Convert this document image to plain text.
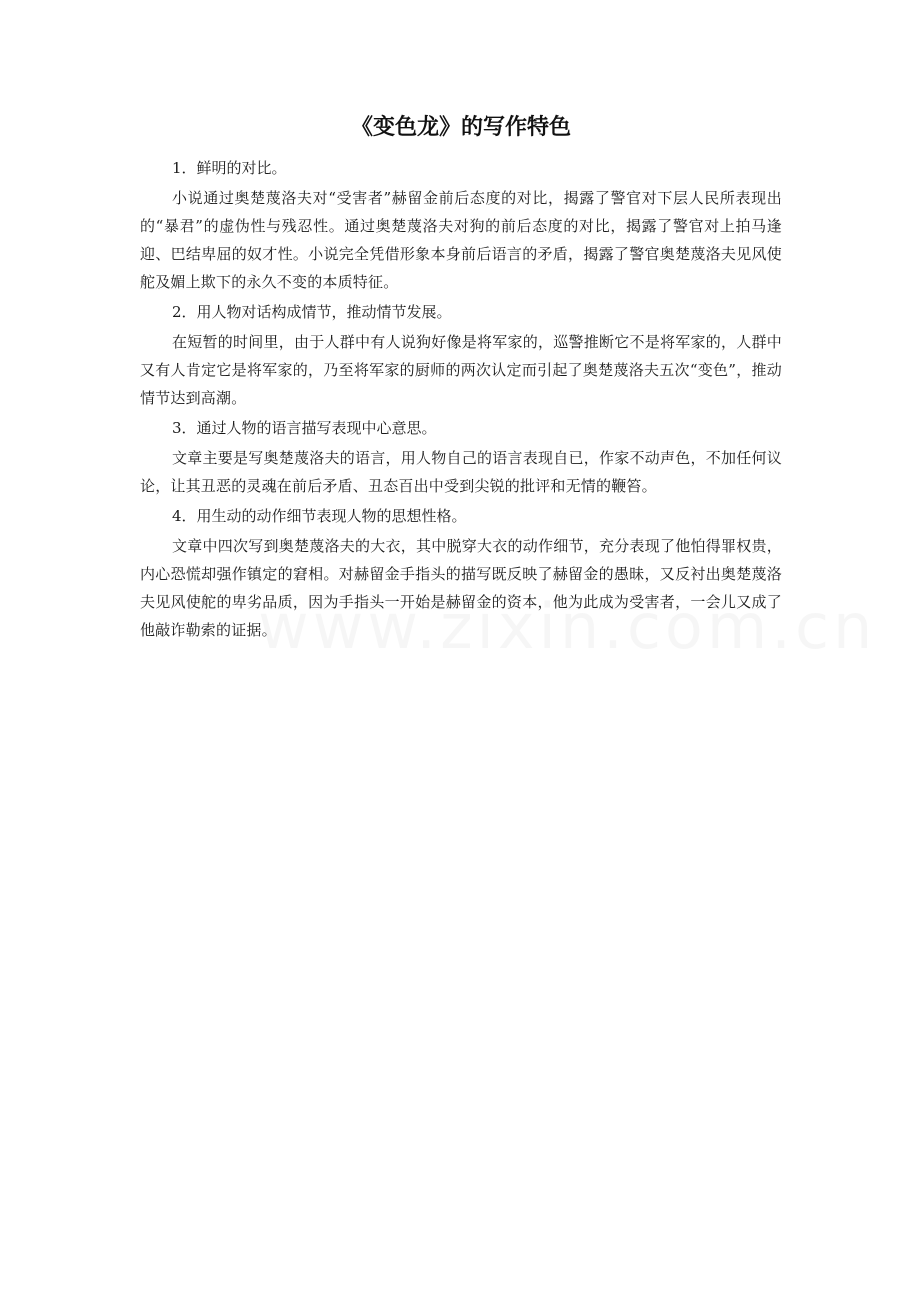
《变色龙》的写作特色

1．鲜明的对比。

小说通过奥楚蔑洛夫对“受害者”赫留金前后态度的对比，揭露了警官对下层人民所表现出的“暴君”的虚伪性与残忍性。通过奥楚蔑洛夫对狗的前后态度的对比，揭露了警官对上拍马逢迎、巴结卑屈的奴才性。小说完全凭借形象本身前后语言的矛盾，揭露了警官奥楚蔑洛夫见风使舵及媚上欺下的永久不变的本质特征。

2．用人物对话构成情节，推动情节发展。

在短暂的时间里，由于人群中有人说狗好像是将军家的，巡警推断它不是将军家的，人群中又有人肯定它是将军家的，乃至将军家的厨师的两次认定而引起了奥楚蔑洛夫五次“变色”，推动情节达到高潮。

3．通过人物的语言描写表现中心意思。

文章主要是写奥楚蔑洛夫的语言，用人物自己的语言表现自已，作家不动声色，不加任何议论，让其丑恶的灵魂在前后矛盾、丑态百出中受到尖锐的批评和无情的鞭笞。

4．用生动的动作细节表现人物的思想性格。

文章中四次写到奥楚蔑洛夫的大衣，其中脱穿大衣的动作细节，充分表现了他怕得罪权贵，内心恐慌却强作镇定的窘相。对赫留金手指头的描写既反映了赫留金的愚昧，又反衬出奥楚蔑洛夫见风使舵的卑劣品质，因为手指头一开始是赫留金的资本，他为此成为受害者，一会儿又成了他敲诈勒索的证据。
